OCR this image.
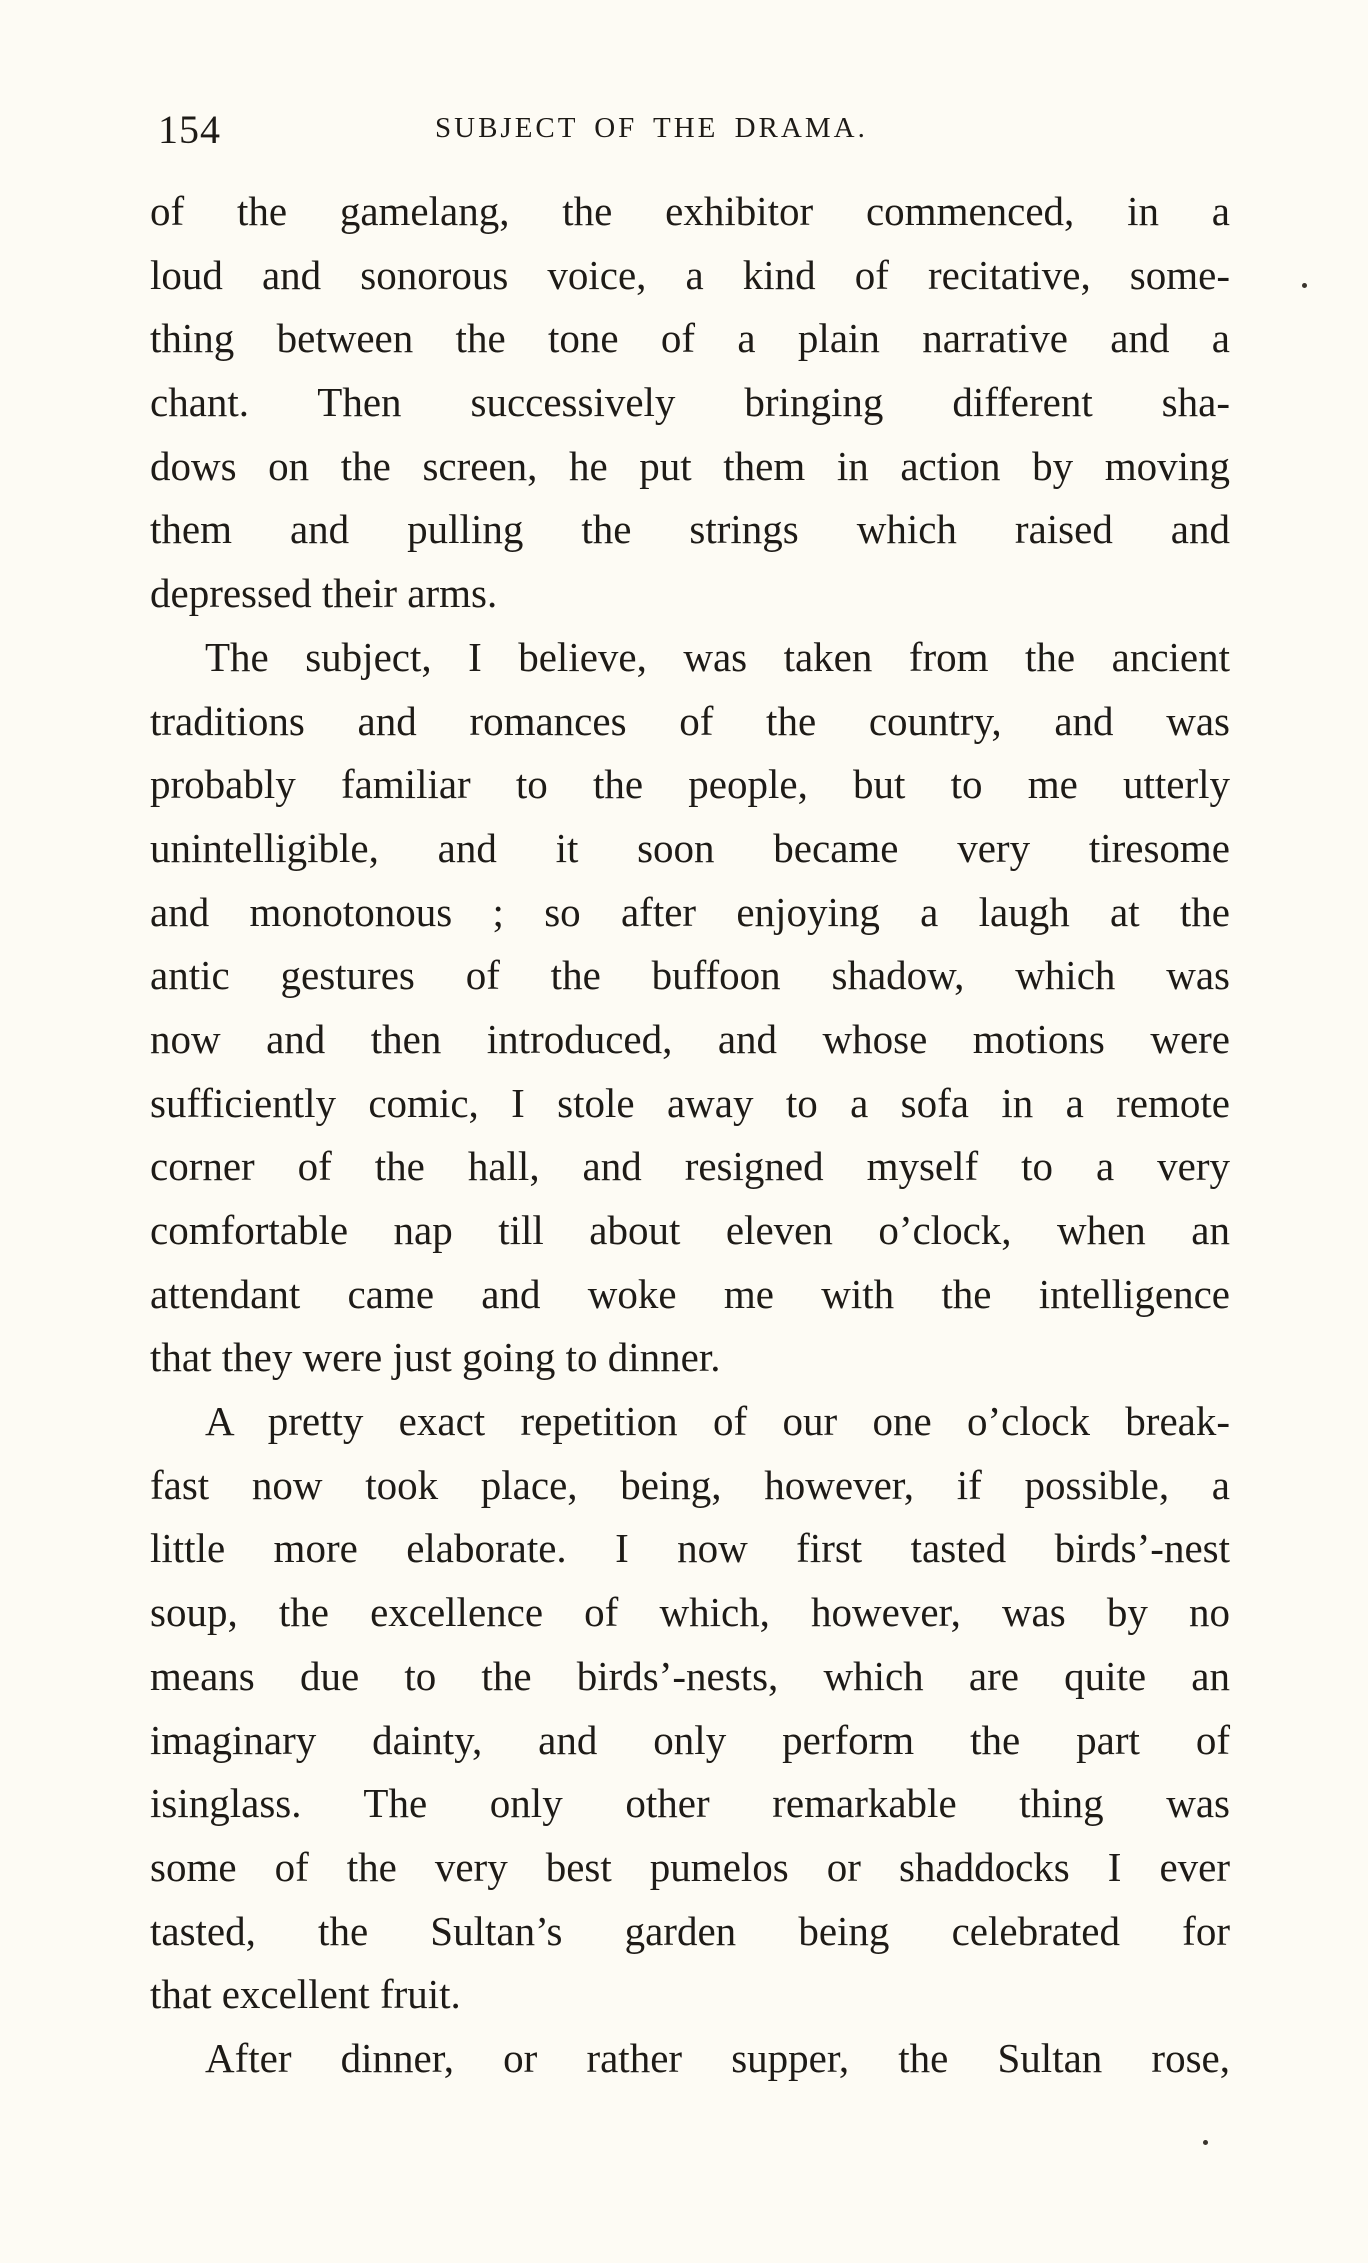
154	SUBJECT OF THE DRAMA.
of the gamelang, the exhibitor commenced, in a
loud and sonorous voice, a kind of recitative, some-
thing between the tone of a plain narrative and a
chant. Then successively bringing different sha-
dows on the screen, he put them in action by moving
them and pulling the strings which raised and
depressed their arms.
The subject, I believe, was taken from the ancient
traditions and romances of the country, and was
probably familiar to the people, but to me utterly
unintelligible, and it soon became very tiresome
and monotonous ; so after enjoying a laugh at the
antic gestures of the buffoon shadow, which was
now and then introduced, and whose motions were
sufficiently comic, I stole away to a sofa in a remote
corner of the hall, and resigned myself to a very
comfortable nap till about eleven o’clock, when an
attendant came and woke me with the intelligence
that they were just going to dinner.
A pretty exact repetition of our one o’clock break-
fast now took place, being, however, if possible, a
little more elaborate. I now first tasted birds’-nest
soup, the excellence of which, however, was by no
means due to the birds’-nests, which are quite an
imaginary dainty, and only perform the part of
isinglass. The only other remarkable thing was
some of the very best pumelos or shaddocks I ever
tasted, the Sultan’s garden being celebrated for
that excellent fruit.
After dinner, or rather supper, the Sultan rose,
